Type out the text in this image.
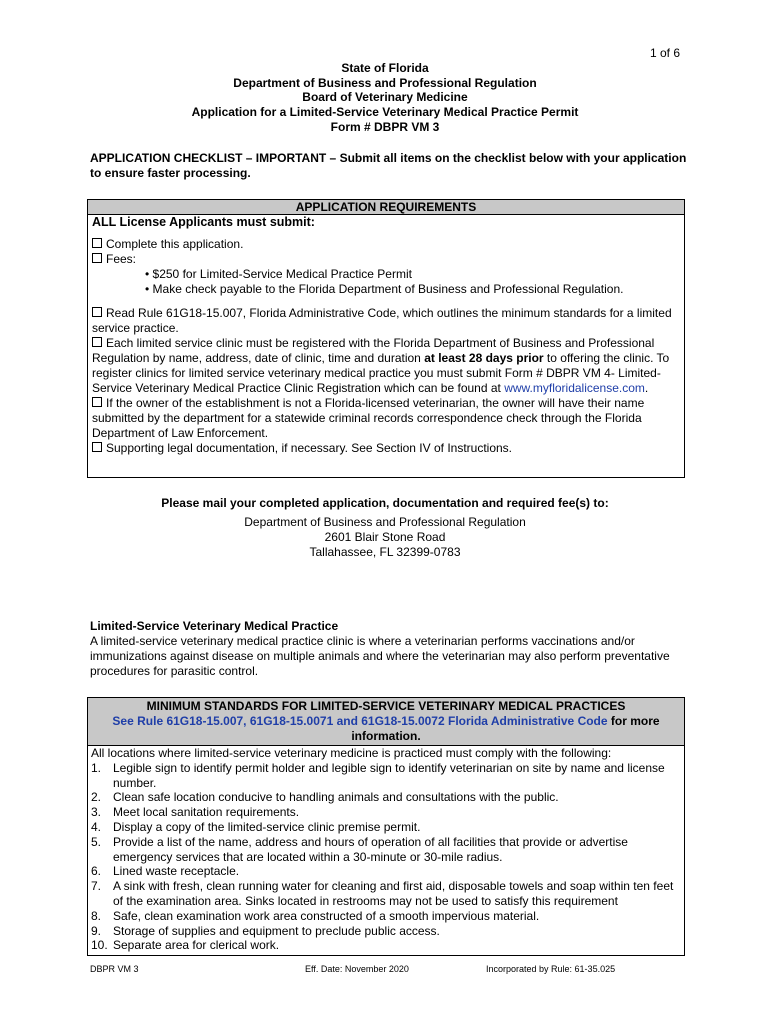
1 of 6
State of Florida
Department of Business and Professional Regulation
Board of Veterinary Medicine
Application for a Limited-Service Veterinary Medical Practice Permit
Form # DBPR VM 3
APPLICATION CHECKLIST – IMPORTANT – Submit all items on the checklist below with your application to ensure faster processing.
APPLICATION REQUIREMENTS
ALL License Applicants must submit:
Complete this application.
Fees:
• $250 for Limited-Service Medical Practice Permit
• Make check payable to the Florida Department of Business and Professional Regulation.
Read Rule 61G18-15.007, Florida Administrative Code, which outlines the minimum standards for a limited service practice.
Each limited service clinic must be registered with the Florida Department of Business and Professional Regulation by name, address, date of clinic, time and duration at least 28 days prior to offering the clinic. To register clinics for limited service veterinary medical practice you must submit Form # DBPR VM 4- Limited-Service Veterinary Medical Practice Clinic Registration which can be found at www.myfloridalicense.com.
If the owner of the establishment is not a Florida-licensed veterinarian, the owner will have their name submitted by the department for a statewide criminal records correspondence check through the Florida Department of Law Enforcement.
Supporting legal documentation, if necessary. See Section IV of Instructions.
Please mail your completed application, documentation and required fee(s) to:
Department of Business and Professional Regulation
2601 Blair Stone Road
Tallahassee, FL 32399-0783
Limited-Service Veterinary Medical Practice
A limited-service veterinary medical practice clinic is where a veterinarian performs vaccinations and/or immunizations against disease on multiple animals and where the veterinarian may also perform preventative procedures for parasitic control.
MINIMUM STANDARDS FOR LIMITED-SERVICE VETERINARY MEDICAL PRACTICES
See Rule 61G18-15.007, 61G18-15.0071 and 61G18-15.0072 Florida Administrative Code for more information.
All locations where limited-service veterinary medicine is practiced must comply with the following:
1. Legible sign to identify permit holder and legible sign to identify veterinarian on site by name and license number.
2. Clean safe location conducive to handling animals and consultations with the public.
3. Meet local sanitation requirements.
4. Display a copy of the limited-service clinic premise permit.
5. Provide a list of the name, address and hours of operation of all facilities that provide or advertise emergency services that are located within a 30-minute or 30-mile radius.
6. Lined waste receptacle.
7. A sink with fresh, clean running water for cleaning and first aid, disposable towels and soap within ten feet of the examination area. Sinks located in restrooms may not be used to satisfy this requirement
8. Safe, clean examination work area constructed of a smooth impervious material.
9. Storage of supplies and equipment to preclude public access.
10. Separate area for clerical work.
DBPR VM 3	Eff. Date: November 2020	Incorporated by Rule: 61-35.025
